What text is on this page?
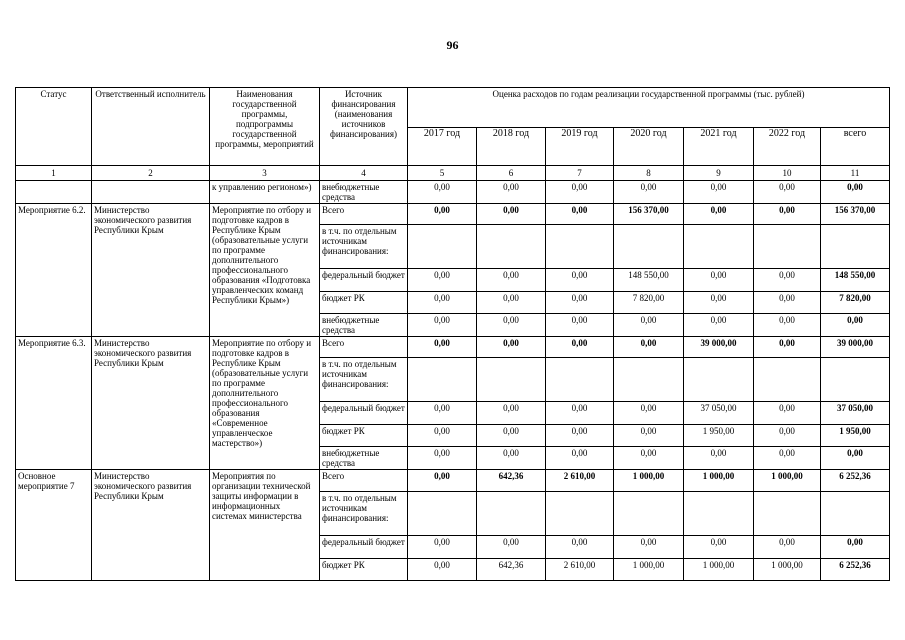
96
Статус	Ответственный исполнитель	Наименования государственной программы, подпрограммы государственной программы, мероприятий	Источник финансирования (наименования источников финансирования)	Оценка расходов по годам реализации государственной программы (тыс. рублей)						
				2017 год	2018 год	2019 год	2020 год	2021 год	2022 год	всего
1	2	3	4	5	6	7	8	9	10	11
		к управлению регионом»)	внебюджетные средства	0,00	0,00	0,00	0,00	0,00	0,00	0,00
Мероприятие 6.2.	Министерство экономического развития Республики Крым	Мероприятие по отбору и подготовке кадров в Республике Крым (образовательные услуги по программе дополнительного профессионального образования «Подготовка управленческих команд Республики Крым»)	Всего	0,00	0,00	0,00	156 370,00	0,00	0,00	156 370,00
			в т.ч. по отдельным источникам финансирования:							
			федеральный бюджет	0,00	0,00	0,00	148 550,00	0,00	0,00	148 550,00
			бюджет РК	0,00	0,00	0,00	7 820,00	0,00	0,00	7 820,00
			внебюджетные средства	0,00	0,00	0,00	0,00	0,00	0,00	0,00
Мероприятие 6.3.	Министерство экономического развития Республики Крым	Мероприятие по отбору и подготовке кадров в Республике Крым (образовательные услуги по программе дополнительного профессионального образования «Современное управленческое мастерство»)	Всего	0,00	0,00	0,00	0,00	39 000,00	0,00	39 000,00
			в т.ч. по отдельным источникам финансирования:							
			федеральный бюджет	0,00	0,00	0,00	0,00	37 050,00	0,00	37 050,00
			бюджет РК	0,00	0,00	0,00	0,00	1 950,00	0,00	1 950,00
			внебюджетные средства	0,00	0,00	0,00	0,00	0,00	0,00	0,00
Основное мероприятие 7	Министерство экономического развития Республики Крым	Мероприятия по организации технической защиты информации в информационных системах министерства	Всего	0,00	642,36	2 610,00	1 000,00	1 000,00	1 000,00	6 252,36
			в т.ч. по отдельным источникам финансирования:							
			федеральный бюджет	0,00	0,00	0,00	0,00	0,00	0,00	0,00
			бюджет РК	0,00	642,36	2 610,00	1 000,00	1 000,00	1 000,00	6 252,36
